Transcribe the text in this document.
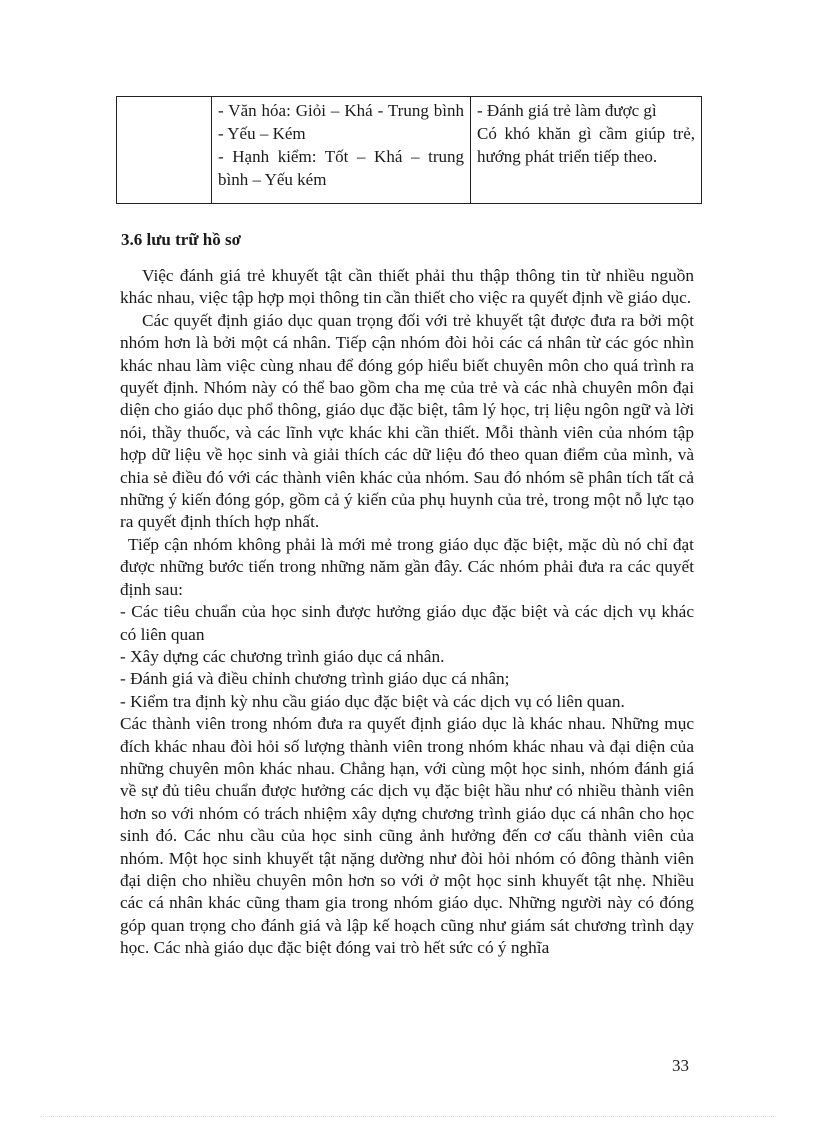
- Văn hóa: Giỏi – Khá - Trung bình - Yếu – Kém

- Hạnh kiểm: Tốt – Khá – trung bình – Yếu kém

- Đánh giá trẻ làm được gì

Có khó khăn gì cầm giúp trẻ, hướng phát triển tiếp theo.

3.6 lưu trữ hồ sơ

Việc đánh giá trẻ khuyết tật cần thiết phải thu thập thông tin từ nhiều nguồn khác nhau, việc tập hợp mọi thông tin cần thiết cho việc ra quyết định về giáo dục.

Các quyết định giáo dục quan trọng đối với trẻ khuyết tật được đưa ra bởi một nhóm hơn là bởi một cá nhân. Tiếp cận nhóm đòi hỏi các cá nhân từ các góc nhìn khác nhau làm việc cùng nhau để đóng góp hiểu biết chuyên môn cho quá trình ra quyết định. Nhóm này có thể bao gồm cha mẹ của trẻ và các nhà chuyên môn đại diện cho giáo dục phổ thông, giáo dục đặc biệt, tâm lý học, trị liệu ngôn ngữ và lời nói, thầy thuốc, và các lĩnh vực khác khi cần thiết. Mỗi thành viên của nhóm tập hợp dữ liệu về học sinh và giải thích các dữ liệu đó theo quan điểm của mình, và chia sẻ điều đó với các thành viên khác của nhóm. Sau đó nhóm sẽ phân tích tất cả những ý kiến đóng góp, gồm cả ý kiến của phụ huynh của trẻ, trong một nỗ lực tạo ra quyết định thích hợp nhất.

Tiếp cận nhóm không phải là mới mẻ trong giáo dục đặc biệt, mặc dù nó chỉ đạt được những bước tiến trong những năm gần đây. Các nhóm phải đưa ra các quyết định sau:

- Các tiêu chuẩn của học sinh được hưởng giáo dục đặc biệt và các dịch vụ khác có liên quan

- Xây dựng các chương trình giáo dục cá nhân.

- Đánh giá và điều chỉnh chương trình giáo dục cá nhân;

- Kiểm tra định kỳ nhu cầu giáo dục đặc biệt và các dịch vụ có liên quan.

Các thành viên trong nhóm đưa ra quyết định giáo dục là khác nhau. Những mục đích khác nhau đòi hỏi số lượng thành viên trong nhóm khác nhau và đại diện của những chuyên môn khác nhau. Chẳng hạn, với cùng một học sinh, nhóm đánh giá về sự đủ tiêu chuẩn được hưởng các dịch vụ đặc biệt hầu như có nhiều thành viên hơn so với nhóm có trách nhiệm xây dựng chương trình giáo dục cá nhân cho học sinh đó. Các nhu cầu của học sinh cũng ảnh hưởng đến cơ cấu thành viên của nhóm. Một học sinh khuyết tật nặng dường như đòi hỏi nhóm có đông thành viên đại diện cho nhiều chuyên môn hơn so với ở một học sinh khuyết tật nhẹ. Nhiều các cá nhân khác cũng tham gia trong nhóm giáo dục. Những người này có đóng góp quan trọng cho đánh giá và lập kế hoạch cũng như giám sát chương trình dạy học. Các nhà giáo dục đặc biệt đóng vai trò hết sức có ý nghĩa

33
